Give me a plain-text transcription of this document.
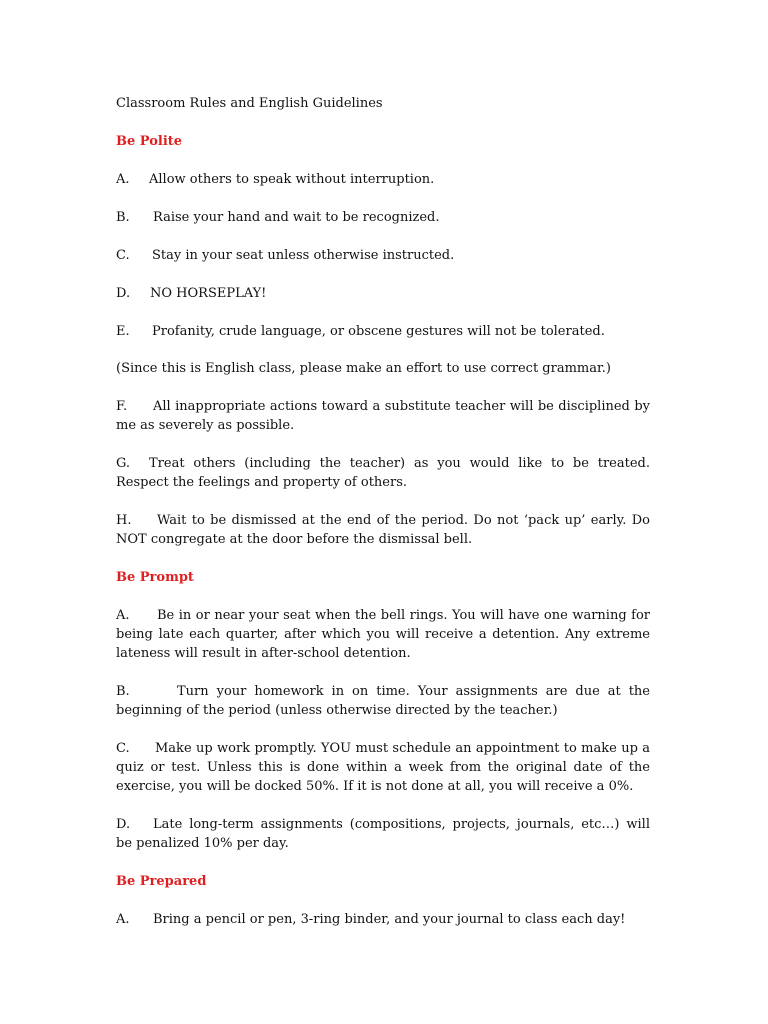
Classroom Rules and English Guidelines
Be Polite
A. Allow others to speak without interruption.
B. Raise your hand and wait to be recognized.
C. Stay in your seat unless otherwise instructed.
D. NO HORSEPLAY!
E. Profanity, crude language, or obscene gestures will not be tolerated.
(Since this is English class, please make an effort to use correct grammar.)
F. All inappropriate actions toward a substitute teacher will be disciplined by me as severely as possible.
G. Treat others (including the teacher) as you would like to be treated. Respect the feelings and property of others.
H. Wait to be dismissed at the end of the period. Do not ‘pack up’ early. Do NOT congregate at the door before the dismissal bell.
Be Prompt
A. Be in or near your seat when the bell rings. You will have one warning for being late each quarter, after which you will receive a detention. Any extreme lateness will result in after-school detention.
B.	Turn your homework in on time. Your assignments are due at the beginning of the period (unless otherwise directed by the teacher.)
C. Make up work promptly. YOU must schedule an appointment to make up a quiz or test. Unless this is done within a week from the original date of the exercise, you will be docked 50%. If it is not done at all, you will receive a 0%.
D. Late long-term assignments (compositions, projects, journals, etc…) will be penalized 10% per day.
Be Prepared
A. Bring a pencil or pen, 3-ring binder, and your journal to class each day!
